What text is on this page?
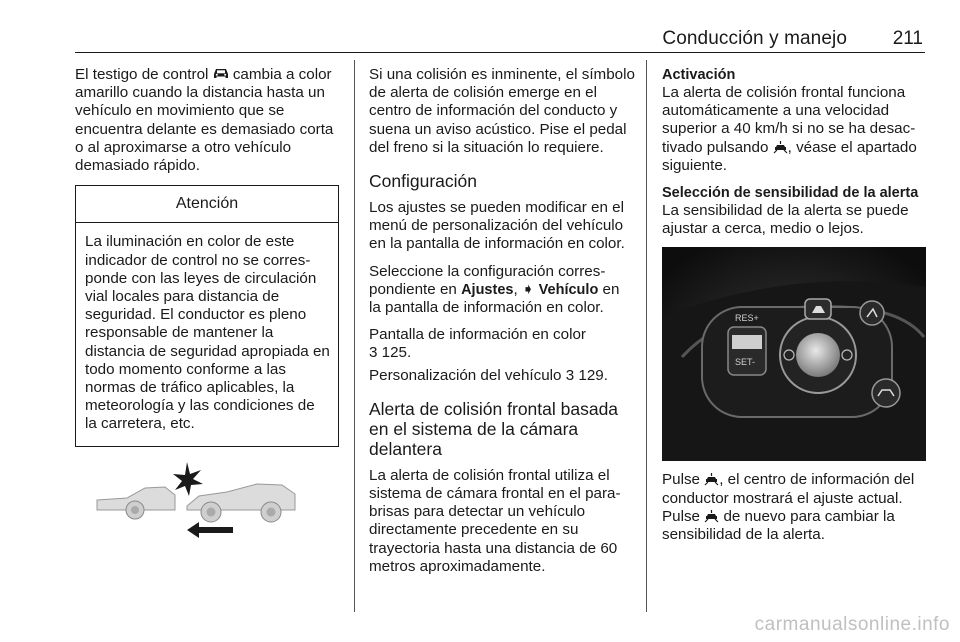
Conducción y manejo 211

El testigo de control  cambia a color amarillo cuando la distancia hasta un vehículo en movimiento que se encuentra delante es demasiado corta o al aproximarse a otro vehículo demasiado rápido.

Atención
La iluminación en color de este indicador de control no se corres-ponde con las leyes de circulación vial locales para distancia de seguridad. El conductor es pleno responsable de mantener la distancia de seguridad apropiada en todo momento conforme a las normas de tráfico aplicables, la meteorología y las condiciones de la carretera, etc.

Si una colisión es inminente, el símbolo de alerta de colisión emerge en el centro de información del conducto y suena un aviso acústico. Pise el pedal del freno si la situación lo requiere.

Configuración

Los ajustes se pueden modificar en el menú de personalización del vehículo en la pantalla de información en color.

Seleccione la configuración corres-pondiente en Ajustes, ➧ Vehículo en la pantalla de información en color.

Pantalla de información en color
3 125.

Personalización del vehículo 3 129.

Alerta de colisión frontal basada en el sistema de la cámara delantera

La alerta de colisión frontal utiliza el sistema de cámara frontal en el para-brisas para detectar un vehículo directamente precedente en su trayectoria hasta una distancia de 60 metros aproximadamente.

Activación

La alerta de colisión frontal funciona automáticamente a una velocidad superior a 40 km/h si no se ha desac-tivado pulsando , véase el apartado siguiente.

Selección de sensibilidad de la alerta

La sensibilidad de la alerta se puede ajustar a cerca, medio o lejos.

RES+
SET-

Pulse , el centro de información del conductor mostrará el ajuste actual. Pulse  de nuevo para cambiar la sensibilidad de la alerta.

carmanualsonline.info
